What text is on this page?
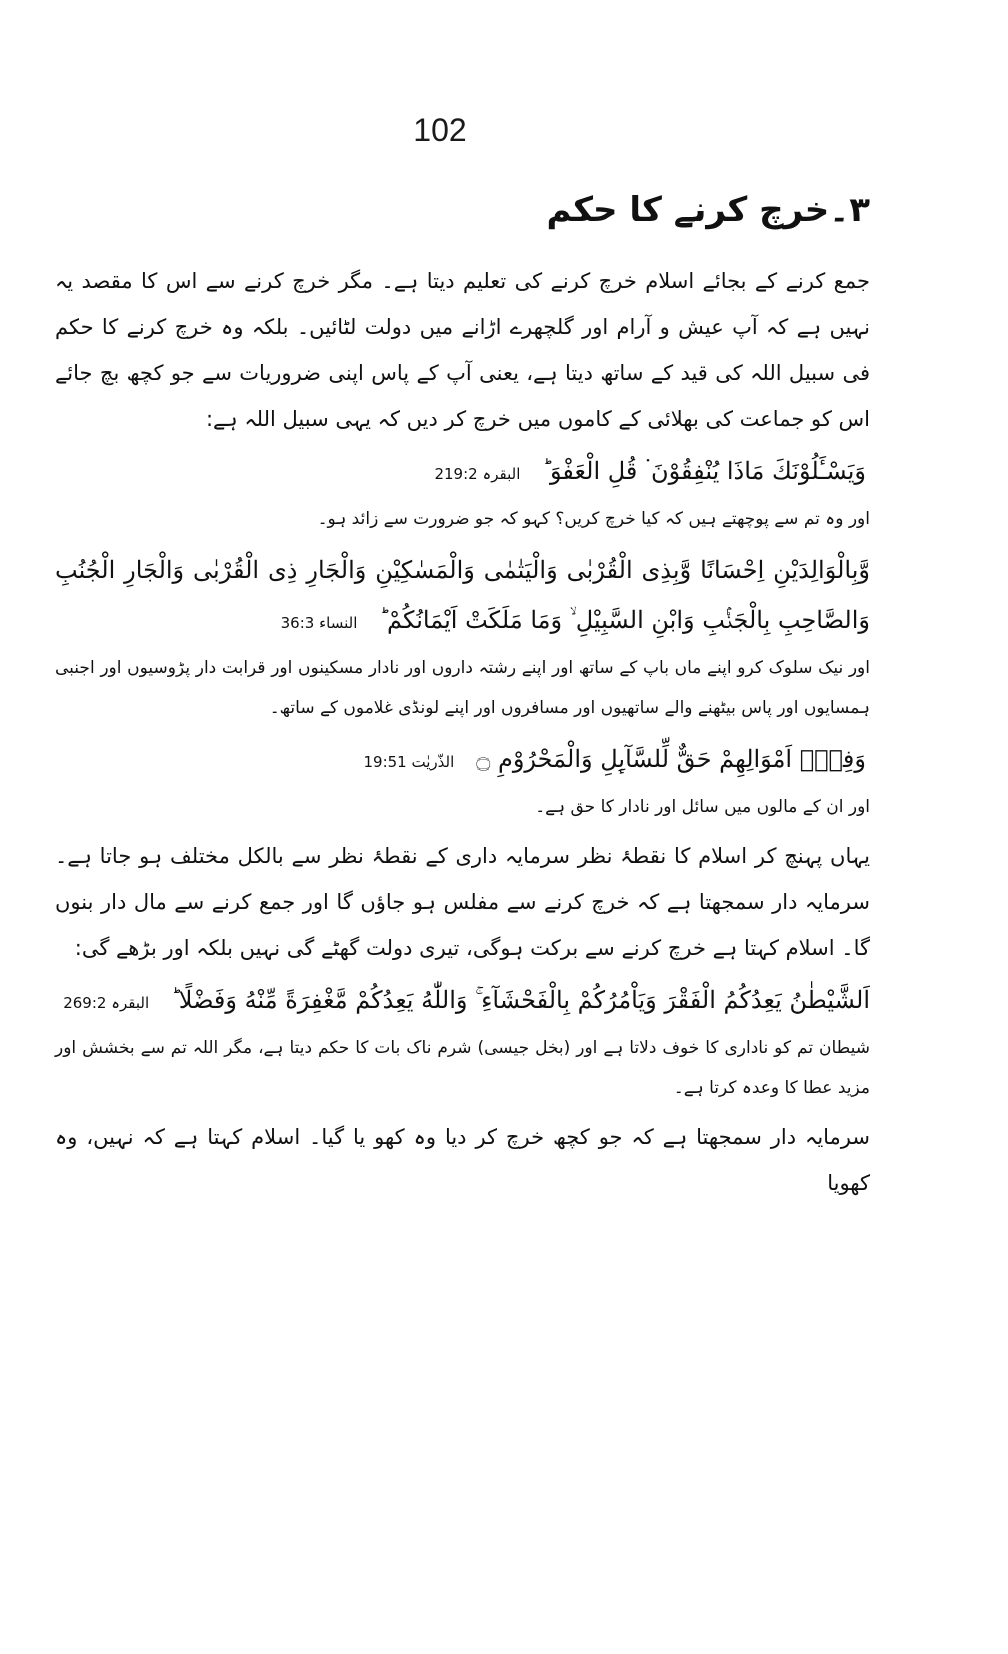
102
۳۔خرچ کرنے کا حکم

جمع کرنے کے بجائے اسلام خرچ کرنے کی تعلیم دیتا ہے۔ مگر خرچ کرنے سے اس کا مقصد یہ نہیں ہے کہ آپ عیش و آرام اور گلچھرے اڑانے میں دولت لٹائیں۔ بلکہ وہ خرچ کرنے کا حکم فی سبیل اللہ کی قید کے ساتھ دیتا ہے، یعنی آپ کے پاس اپنی ضروریات سے جو کچھ بچ جائے اس کو جماعت کی بھلائی کے کاموں میں خرچ کر دیں کہ یہی سبیل اللہ ہے:

وَيَسْـَٔلُوْنَكَ مَاذَا يُنْفِقُوْنَ ۬ قُلِ الْعَفْوَ ؕالبقرہ 219:2

اور وہ تم سے پوچھتے ہیں کہ کیا خرچ کریں؟ کہو کہ جو ضرورت سے زائد ہو۔

وَّبِالْوَالِدَيْنِ اِحْسَانًا وَّبِذِى الْقُرْبٰى وَالْيَتٰمٰى وَالْمَسٰكِيْنِ وَالْجَارِ ذِى الْقُرْبٰى وَالْجَارِ الْجُنُبِ وَالصَّاحِبِ بِالْجَنْۢبِ وَابْنِ السَّبِيْلِ ۙ وَمَا مَلَكَتْ اَيْمَانُكُمْ ؕالنساء 36:3

اور نیک سلوک کرو اپنے ماں باپ کے ساتھ اور اپنے رشتہ داروں اور نادار مسکینوں اور قرابت دار پڑوسیوں اور اجنبی ہمسایوں اور پاس بیٹھنے والے ساتھیوں اور مسافروں اور اپنے لونڈی غلاموں کے ساتھ۔

وَفِىْۤ اَمْوَالِهِمْ حَقٌّ لِّلسَّآٮِٕلِ وَالْمَحْرُوْمِ ۝الذّریٰت 19:51

اور ان کے مالوں میں سائل اور نادار کا حق ہے۔

یہاں پہنچ کر اسلام کا نقطۂ نظر سرمایہ داری کے نقطۂ نظر سے بالکل مختلف ہو جاتا ہے۔ سرمایہ دار سمجھتا ہے کہ خرچ کرنے سے مفلس ہو جاؤں گا اور جمع کرنے سے مال دار بنوں گا۔ اسلام کہتا ہے خرچ کرنے سے برکت ہوگی، تیری دولت گھٹے گی نہیں بلکہ اور بڑھے گی:

اَلشَّيْطٰنُ يَعِدُكُمُ الْفَقْرَ وَيَاْمُرُكُمْ بِالْفَحْشَآءِ ۚ وَاللّٰهُ يَعِدُكُمْ مَّغْفِرَةً مِّنْهُ وَفَضْلًا ؕالبقرہ 269:2

شیطان تم کو ناداری کا خوف دلاتا ہے اور (بخل جیسی) شرم ناک بات کا حکم دیتا ہے، مگر اللہ تم سے بخشش اور مزید عطا کا وعدہ کرتا ہے۔

سرمایہ دار سمجھتا ہے کہ جو کچھ خرچ کر دیا وہ کھو یا گیا۔ اسلام کہتا ہے کہ نہیں، وہ کھویا
